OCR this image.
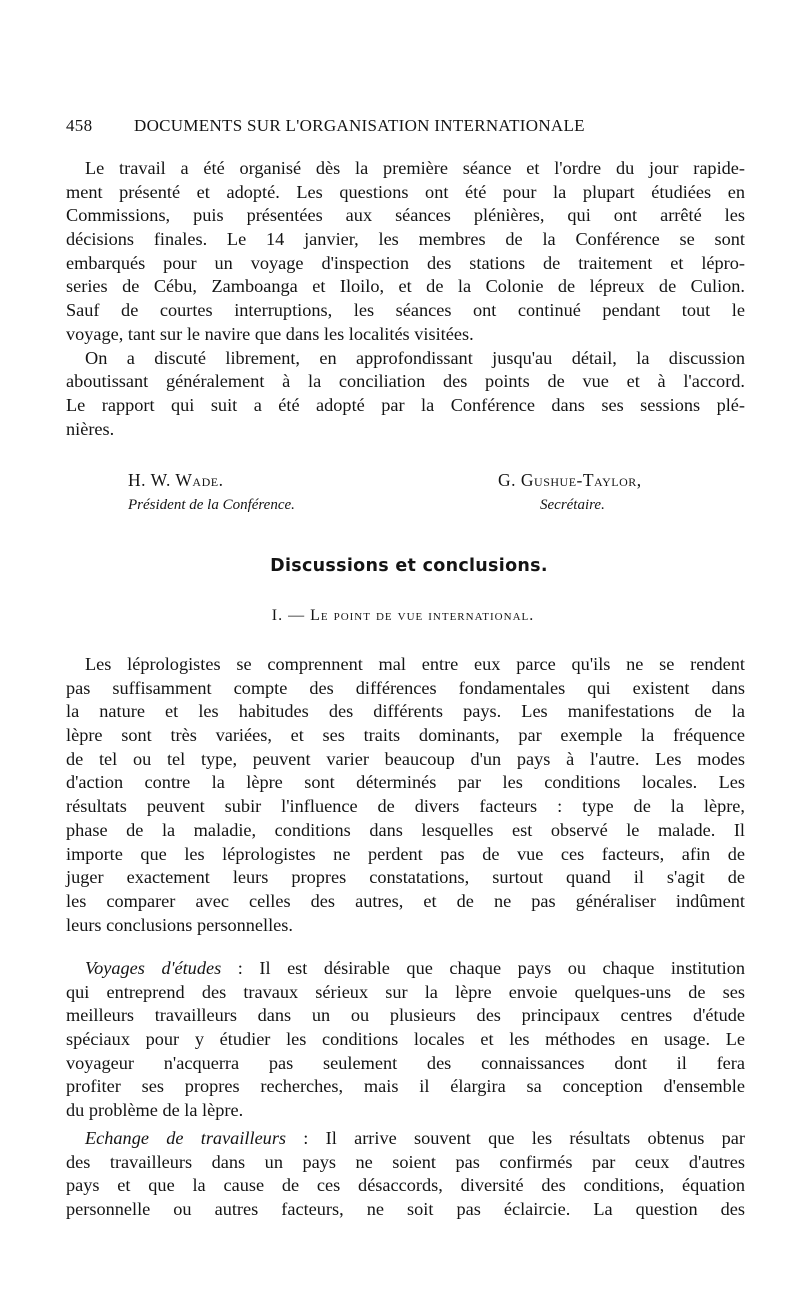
458 DOCUMENTS SUR L'ORGANISATION INTERNATIONALE
Le travail a été organisé dès la première séance et l'ordre du jour rapide-
ment présenté et adopté. Les questions ont été pour la plupart étudiées en
Commissions, puis présentées aux séances plénières, qui ont arrêté les
décisions finales. Le 14 janvier, les membres de la Conférence se sont
embarqués pour un voyage d'inspection des stations de traitement et lépro-
series de Cébu, Zamboanga et Iloilo, et de la Colonie de lépreux de Culion.
Sauf de courtes interruptions, les séances ont continué pendant tout le
voyage, tant sur le navire que dans les localités visitées.
On a discuté librement, en approfondissant jusqu'au détail, la discussion
aboutissant généralement à la conciliation des points de vue et à l'accord.
Le rapport qui suit a été adopté par la Conférence dans ses sessions plé-
nières.
H. W. Wade.
Président de la Conférence.
G. Gushue-Taylor,
Secrétaire.
Discussions et conclusions.
I. — Le point de vue international.
Les léprologistes se comprennent mal entre eux parce qu'ils ne se rendent
pas suffisamment compte des différences fondamentales qui existent dans
la nature et les habitudes des différents pays. Les manifestations de la
lèpre sont très variées, et ses traits dominants, par exemple la fréquence
de tel ou tel type, peuvent varier beaucoup d'un pays à l'autre. Les modes
d'action contre la lèpre sont déterminés par les conditions locales. Les
résultats peuvent subir l'influence de divers facteurs : type de la lèpre,
phase de la maladie, conditions dans lesquelles est observé le malade. Il
importe que les léprologistes ne perdent pas de vue ces facteurs, afin de
juger exactement leurs propres constatations, surtout quand il s'agit de
les comparer avec celles des autres, et de ne pas généraliser indûment
leurs conclusions personnelles.
Voyages d'études : Il est désirable que chaque pays ou chaque institution
qui entreprend des travaux sérieux sur la lèpre envoie quelques-uns de ses
meilleurs travailleurs dans un ou plusieurs des principaux centres d'étude
spéciaux pour y étudier les conditions locales et les méthodes en usage. Le
voyageur n'acquerra pas seulement des connaissances dont il fera
profiter ses propres recherches, mais il élargira sa conception d'ensemble
du problème de la lèpre.
Echange de travailleurs : Il arrive souvent que les résultats obtenus par
des travailleurs dans un pays ne soient pas confirmés par ceux d'autres
pays et que la cause de ces désaccords, diversité des conditions, équation
personnelle ou autres facteurs, ne soit pas éclaircie. La question des
